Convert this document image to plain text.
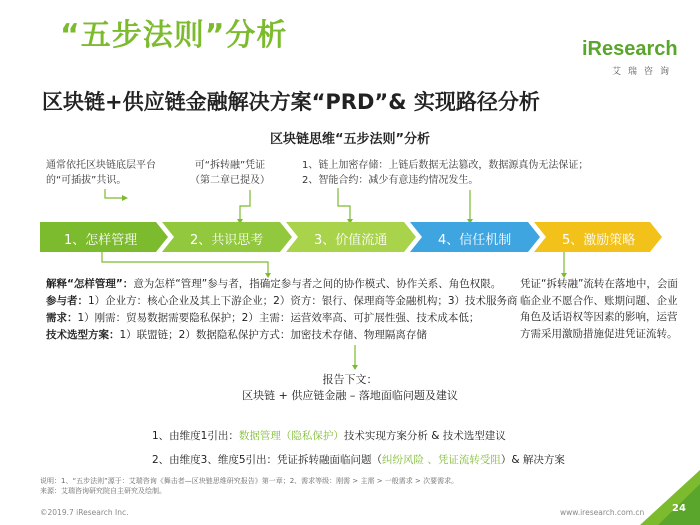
“五步法则”分析	iResearch
艾瑞咨询
区块链+供应链金融解决方案“PRD”& 实现路径分析
区块链思维“五步法则”分析
通常依托区块链底层平台
的“可插拔”共识。
可“拆转融”凭证
（第二章已提及）
1、链上加密存储：上链后数据无法篡改，数据源真伪无法保证；
2、智能合约：减少有意违约情况发生。
1、怎样管理	2、共识思考	3、价值流通	4、信任机制	5、激励策略
解释“怎样管理”：意为怎样“管理”参与者，指确定参与者之间的协作模式、协作关系、角色权限。
参与者：1）企业方：核心企业及其上下游企业；2）资方：银行、保理商等金融机构；3）技术服务商
需求：1）刚需：贸易数据需要隐私保护；2）主需：运营效率高、可扩展性强、技术成本低；
技术选型方案：1）联盟链；2）数据隐私保护方式：加密技术存储、物理隔离存储
凭证“拆转融”流转在落地中，会面临企业不愿合作、账期问题、企业角色及话语权等因素的影响，运营方需采用激励措施促进凭证流转。
报告下文：
区块链 + 供应链金融 – 落地面临问题及建议
1、由维度1引出：数据管理（隐私保护）技术实现方案分析 & 技术选型建议
2、由维度3、维度5引出：凭证拆转融面临问题（纠纷风险 、凭证流转受阻）& 解决方案
说明：1、“五步法则”源于：艾瑞咨询《舞击者—区块链思维研究报告》第一章；2、需求等级：刚需 > 主需 > 一般需求 > 次要需求。
来源：艾瑞咨询研究院自主研究及绘制。
©2019.7 iResearch Inc.	www.iresearch.com.cn	24
